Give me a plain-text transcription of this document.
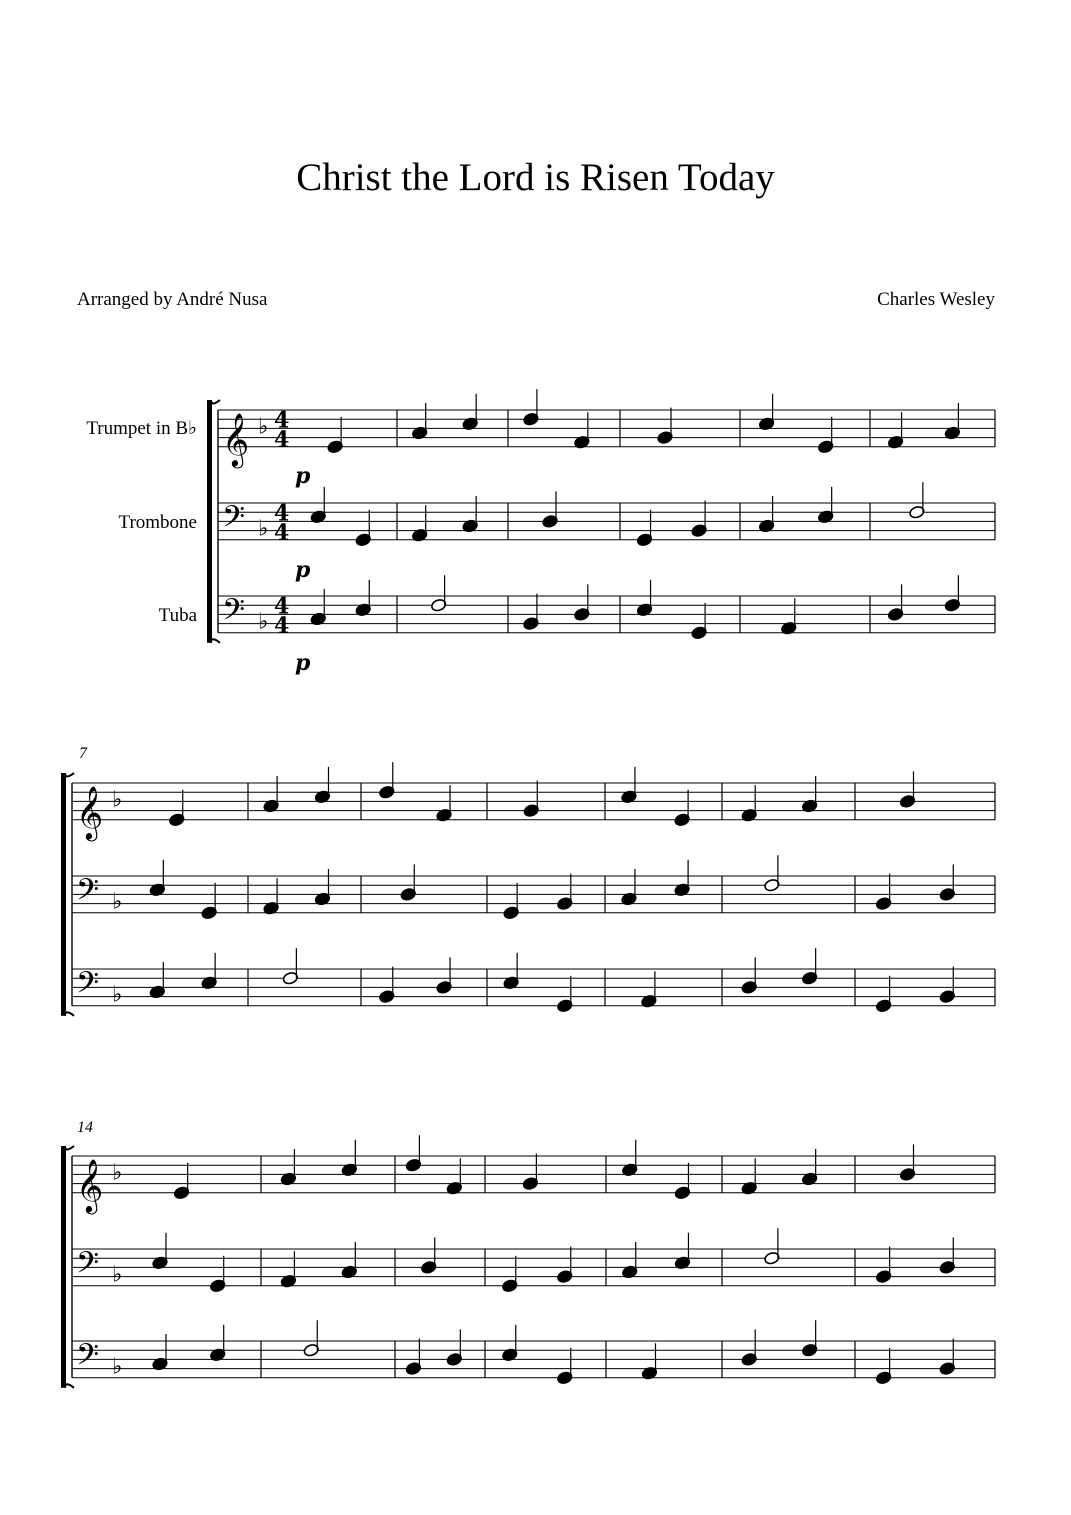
Christ the Lord is Risen Today
Arranged by André Nusa	Charles Wesley
Trumpet in B♭
Trombone
Tuba
𝄞 ♭ 4
4
𝄢 ♭
4
4
𝄢 ♭
4
4
7
𝄞 ♭
𝄢 ♭
𝄢 ♭
14
𝄞 ♭
𝄢 ♭
𝄢 ♭
p
p
p
